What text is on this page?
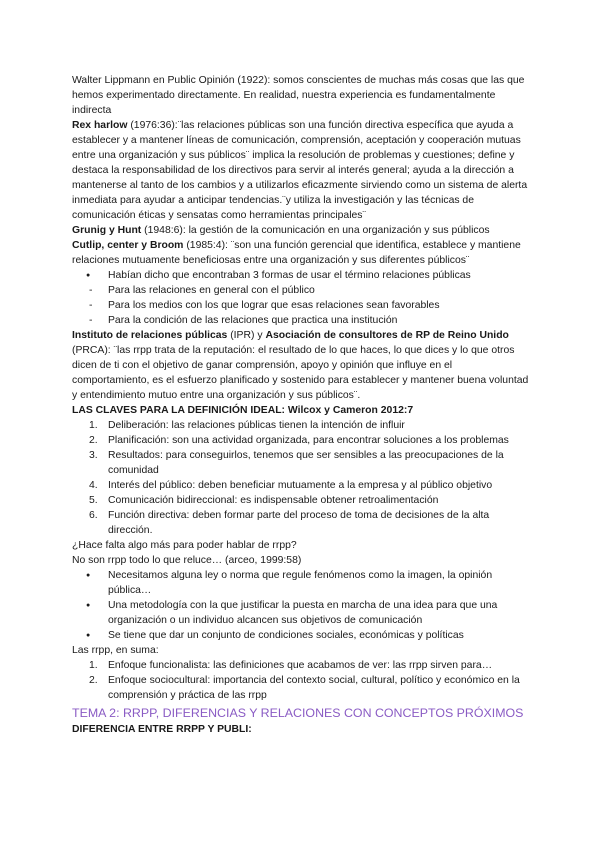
Walter Lippmann en Public Opinión (1922): somos conscientes de muchas más cosas que las que hemos experimentado directamente. En realidad, nuestra experiencia es fundamentalmente indirecta

Rex harlow (1976:36):¨las relaciones públicas son una función directiva específica que ayuda a establecer y a mantener líneas de comunicación, comprensión, aceptación y cooperación mutuas entre una organización y sus públicos¨ implica la resolución de problemas y cuestiones; define y destaca la responsabilidad de los directivos para servir al interés general; ayuda a la dirección a mantenerse al tanto de los cambios y a utilizarlos eficazmente sirviendo como un sistema de alerta inmediata para ayudar a anticipar tendencias.¨y utiliza la investigación y las técnicas de comunicación éticas y sensatas como herramientas principales¨

Grunig y Hunt (1948:6): la gestión de la comunicación en una organización y sus públicos

Cutlip, center y Broom (1985:4): ¨son una función gerencial que identifica, establece y mantiene relaciones mutuamente beneficiosas entre una organización y sus diferentes públicos¨

● Habían dicho que encontraban 3 formas de usar el término relaciones públicas
- Para las relaciones en general con el público
- Para los medios con los que lograr que esas relaciones sean favorables
- Para la condición de las relaciones que practica una institución

Instituto de relaciones públicas (IPR) y Asociación de consultores de RP de Reino Unido (PRCA): ¨las rrpp trata de la reputación: el resultado de lo que haces, lo que dices y lo que otros dicen de ti con el objetivo de ganar comprensión, apoyo y opinión que influye en el comportamiento, es el esfuerzo planificado y sostenido para establecer y mantener buena voluntad y entendimiento mutuo entre una organización y sus públicos¨.

LAS CLAVES PARA LA DEFINICIÓN IDEAL: Wilcox y Cameron 2012:7

1. Deliberación: las relaciones públicas tienen la intención de influir
2. Planificación: son una actividad organizada, para encontrar soluciones a los problemas
3. Resultados: para conseguirlos, tenemos que ser sensibles a las preocupaciones de la comunidad
4. Interés del público: deben beneficiar mutuamente a la empresa y al público objetivo
5. Comunicación bidireccional: es indispensable obtener retroalimentación
6. Función directiva: deben formar parte del proceso de toma de decisiones de la alta dirección.

¿Hace falta algo más para poder hablar de rrpp?

No son rrpp todo lo que reluce… (arceo, 1999:58)

● Necesitamos alguna ley o norma que regule fenómenos como la imagen, la opinión pública…
● Una metodología con la que justificar la puesta en marcha de una idea para que una organización o un individuo alcancen sus objetivos de comunicación
● Se tiene que dar un conjunto de condiciones sociales, económicas y políticas

Las rrpp, en suma:

1. Enfoque funcionalista: las definiciones que acabamos de ver: las rrpp sirven para…
2. Enfoque sociocultural: importancia del contexto social, cultural, político y económico en la comprensión y práctica de las rrpp

TEMA 2: RRPP, DIFERENCIAS Y RELACIONES CON CONCEPTOS PRÓXIMOS

DIFERENCIA ENTRE RRPP Y PUBLI:
